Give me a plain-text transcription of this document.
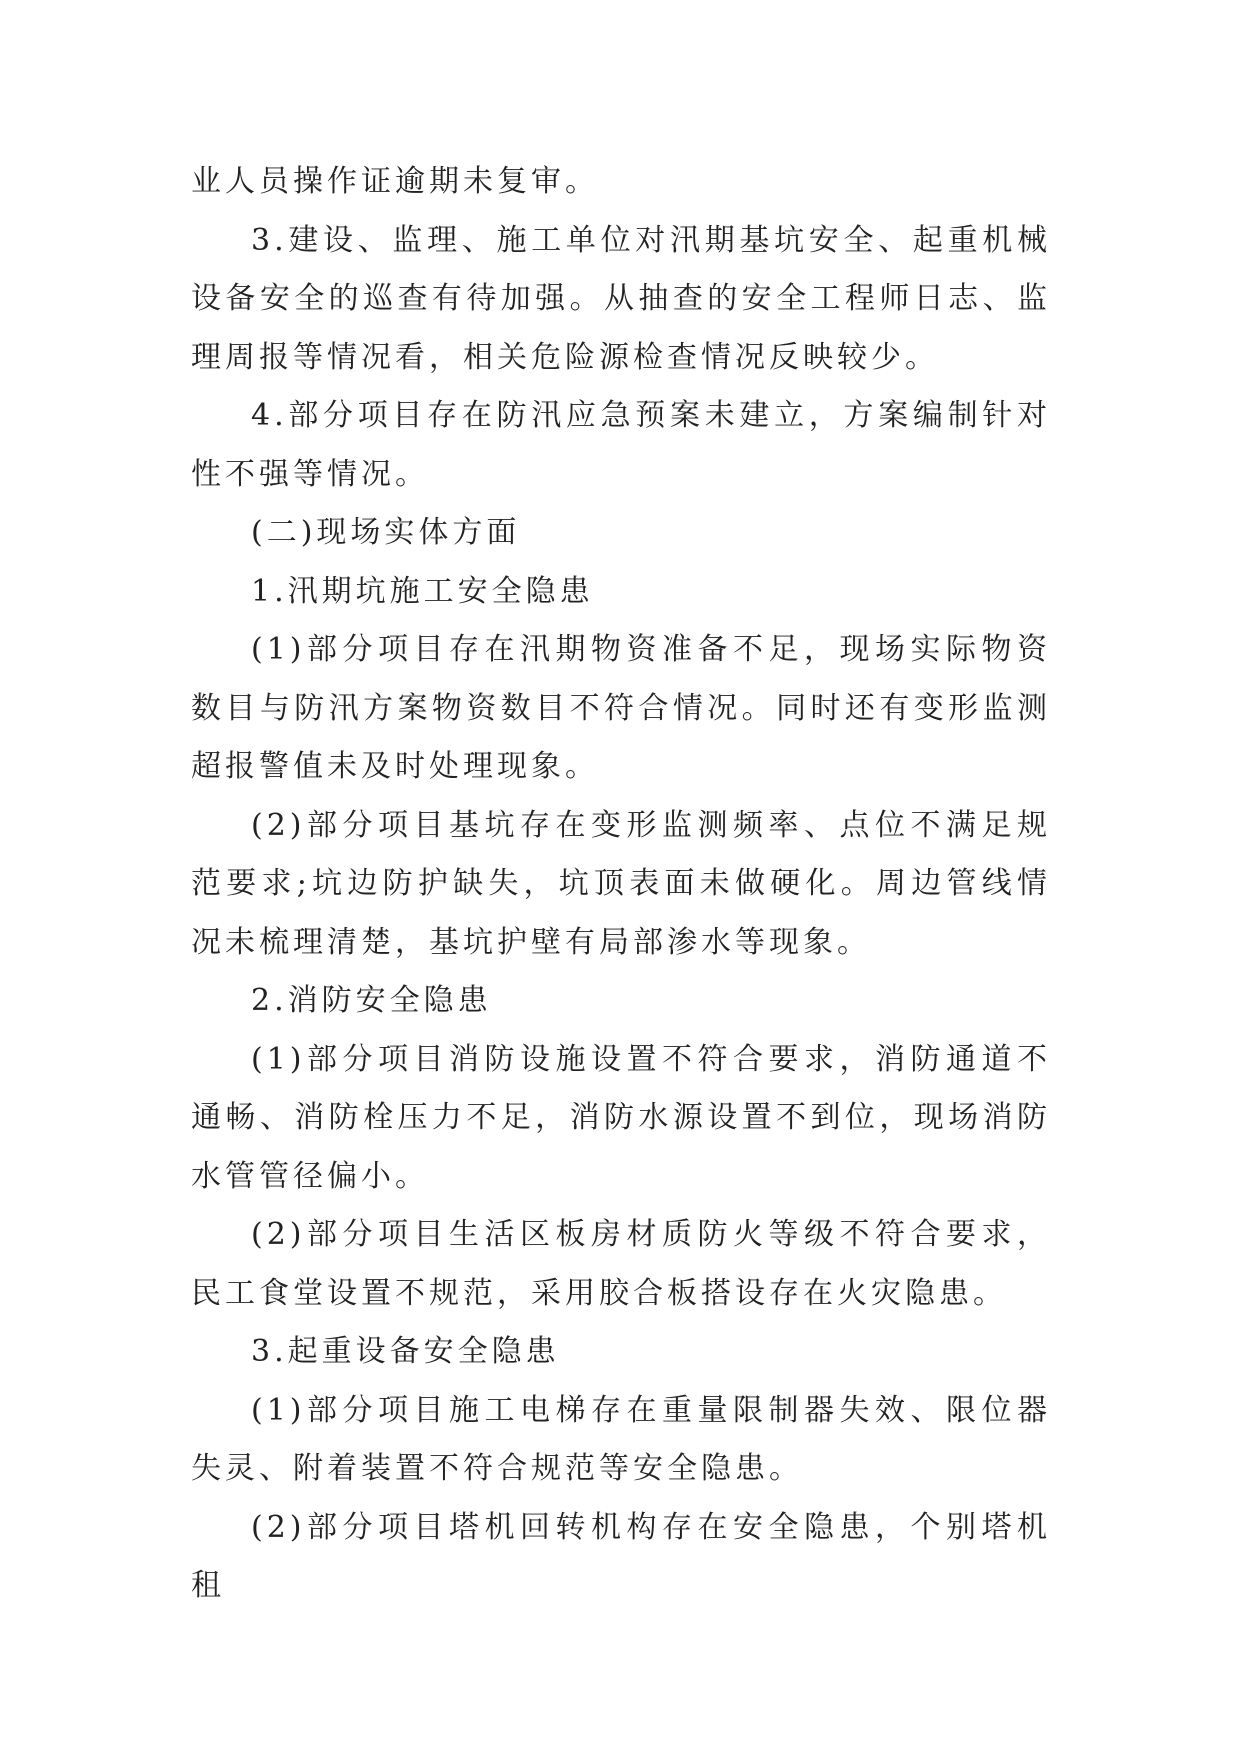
业人员操作证逾期未复审。

3.建设、监理、施工单位对汛期基坑安全、起重机械设备安全的巡查有待加强。从抽查的安全工程师日志、监理周报等情况看，相关危险源检查情况反映较少。

4.部分项目存在防汛应急预案未建立，方案编制针对性不强等情况。

(二)现场实体方面

1.汛期坑施工安全隐患

(1)部分项目存在汛期物资准备不足，现场实际物资数目与防汛方案物资数目不符合情况。同时还有变形监测超报警值未及时处理现象。

(2)部分项目基坑存在变形监测频率、点位不满足规范要求;坑边防护缺失，坑顶表面未做硬化。周边管线情况未梳理清楚，基坑护壁有局部渗水等现象。

2.消防安全隐患

(1)部分项目消防设施设置不符合要求，消防通道不通畅、消防栓压力不足，消防水源设置不到位，现场消防水管管径偏小。

(2)部分项目生活区板房材质防火等级不符合要求，民工食堂设置不规范，采用胶合板搭设存在火灾隐患。

3.起重设备安全隐患

(1)部分项目施工电梯存在重量限制器失效、限位器失灵、附着装置不符合规范等安全隐患。

(2)部分项目塔机回转机构存在安全隐患，个别塔机租
